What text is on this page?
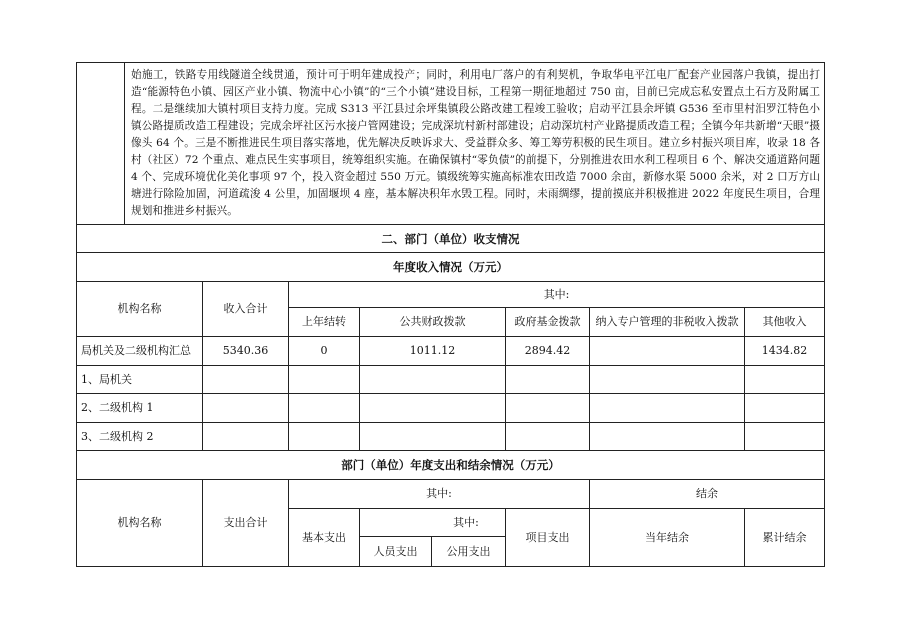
	始施工，铁路专用线隧道全线贯通，预计可于明年建成投产；同时，利用电厂落户的有利契机，争取华电平江电厂配套产业园落户我镇，提出打造“能源特色小镇、园区产业小镇、物流中心小镇”的“三个小镇”建设目标，工程第一期征地超过 750 亩，目前已完成忘私安置点土石方及附属工程。二是继续加大镇村项目支持力度。完成 S313 平江县过余坪集镇段公路改建工程竣工验收；启动平江县余坪镇 G536 至市里村汨罗江特色小镇公路提质改造工程建设；完成余坪社区污水接户管网建设；完成深坑村新村部建设；启动深坑村产业路提质改造工程；全镇今年共新增“天眼”摄像头 64 个。三是不断推进民生项目落实落地，优先解决反映诉求大、受益群众多、筹工筹劳积极的民生项目。建立乡村振兴项目库，收录 18 各村（社区）72 个重点、难点民生实事项目，统筹组织实施。在确保镇村“零负债”的前提下，分别推进农田水利工程项目 6 个、解决交通道路问题 4 个、完成环境优化美化事项 97 个，投入资金超过 550 万元。镇级统筹实施高标准农田改造 7000 余亩，新修水渠 5000 余米，对 2 口万方山塘进行除险加固，河道疏浚 4 公里，加固堰坝 4 座，基本解决积年水毁工程。同时，未雨绸缪，提前摸底并积极推进 2022 年度民生项目，合理规划和推进乡村振兴。						
二、部门（单位）收支情况							
年度收入情况（万元）							
机构名称		收入合计	其中:				
			上年结转	公共财政拨款	政府基金拨款	纳入专户管理的非税收入拨款	其他收入
局机关及二级机构汇总		5340.36	0	1011.12	2894.42		1434.82
1、局机关							
2、二级机构 1							
3、二级机构 2							
部门（单位）年度支出和结余情况（万元）							
机构名称		支出合计	其中:			结余	
			基本支出	其中:	项目支出	当年结余	累计结余

				人员支出 公用支出			
